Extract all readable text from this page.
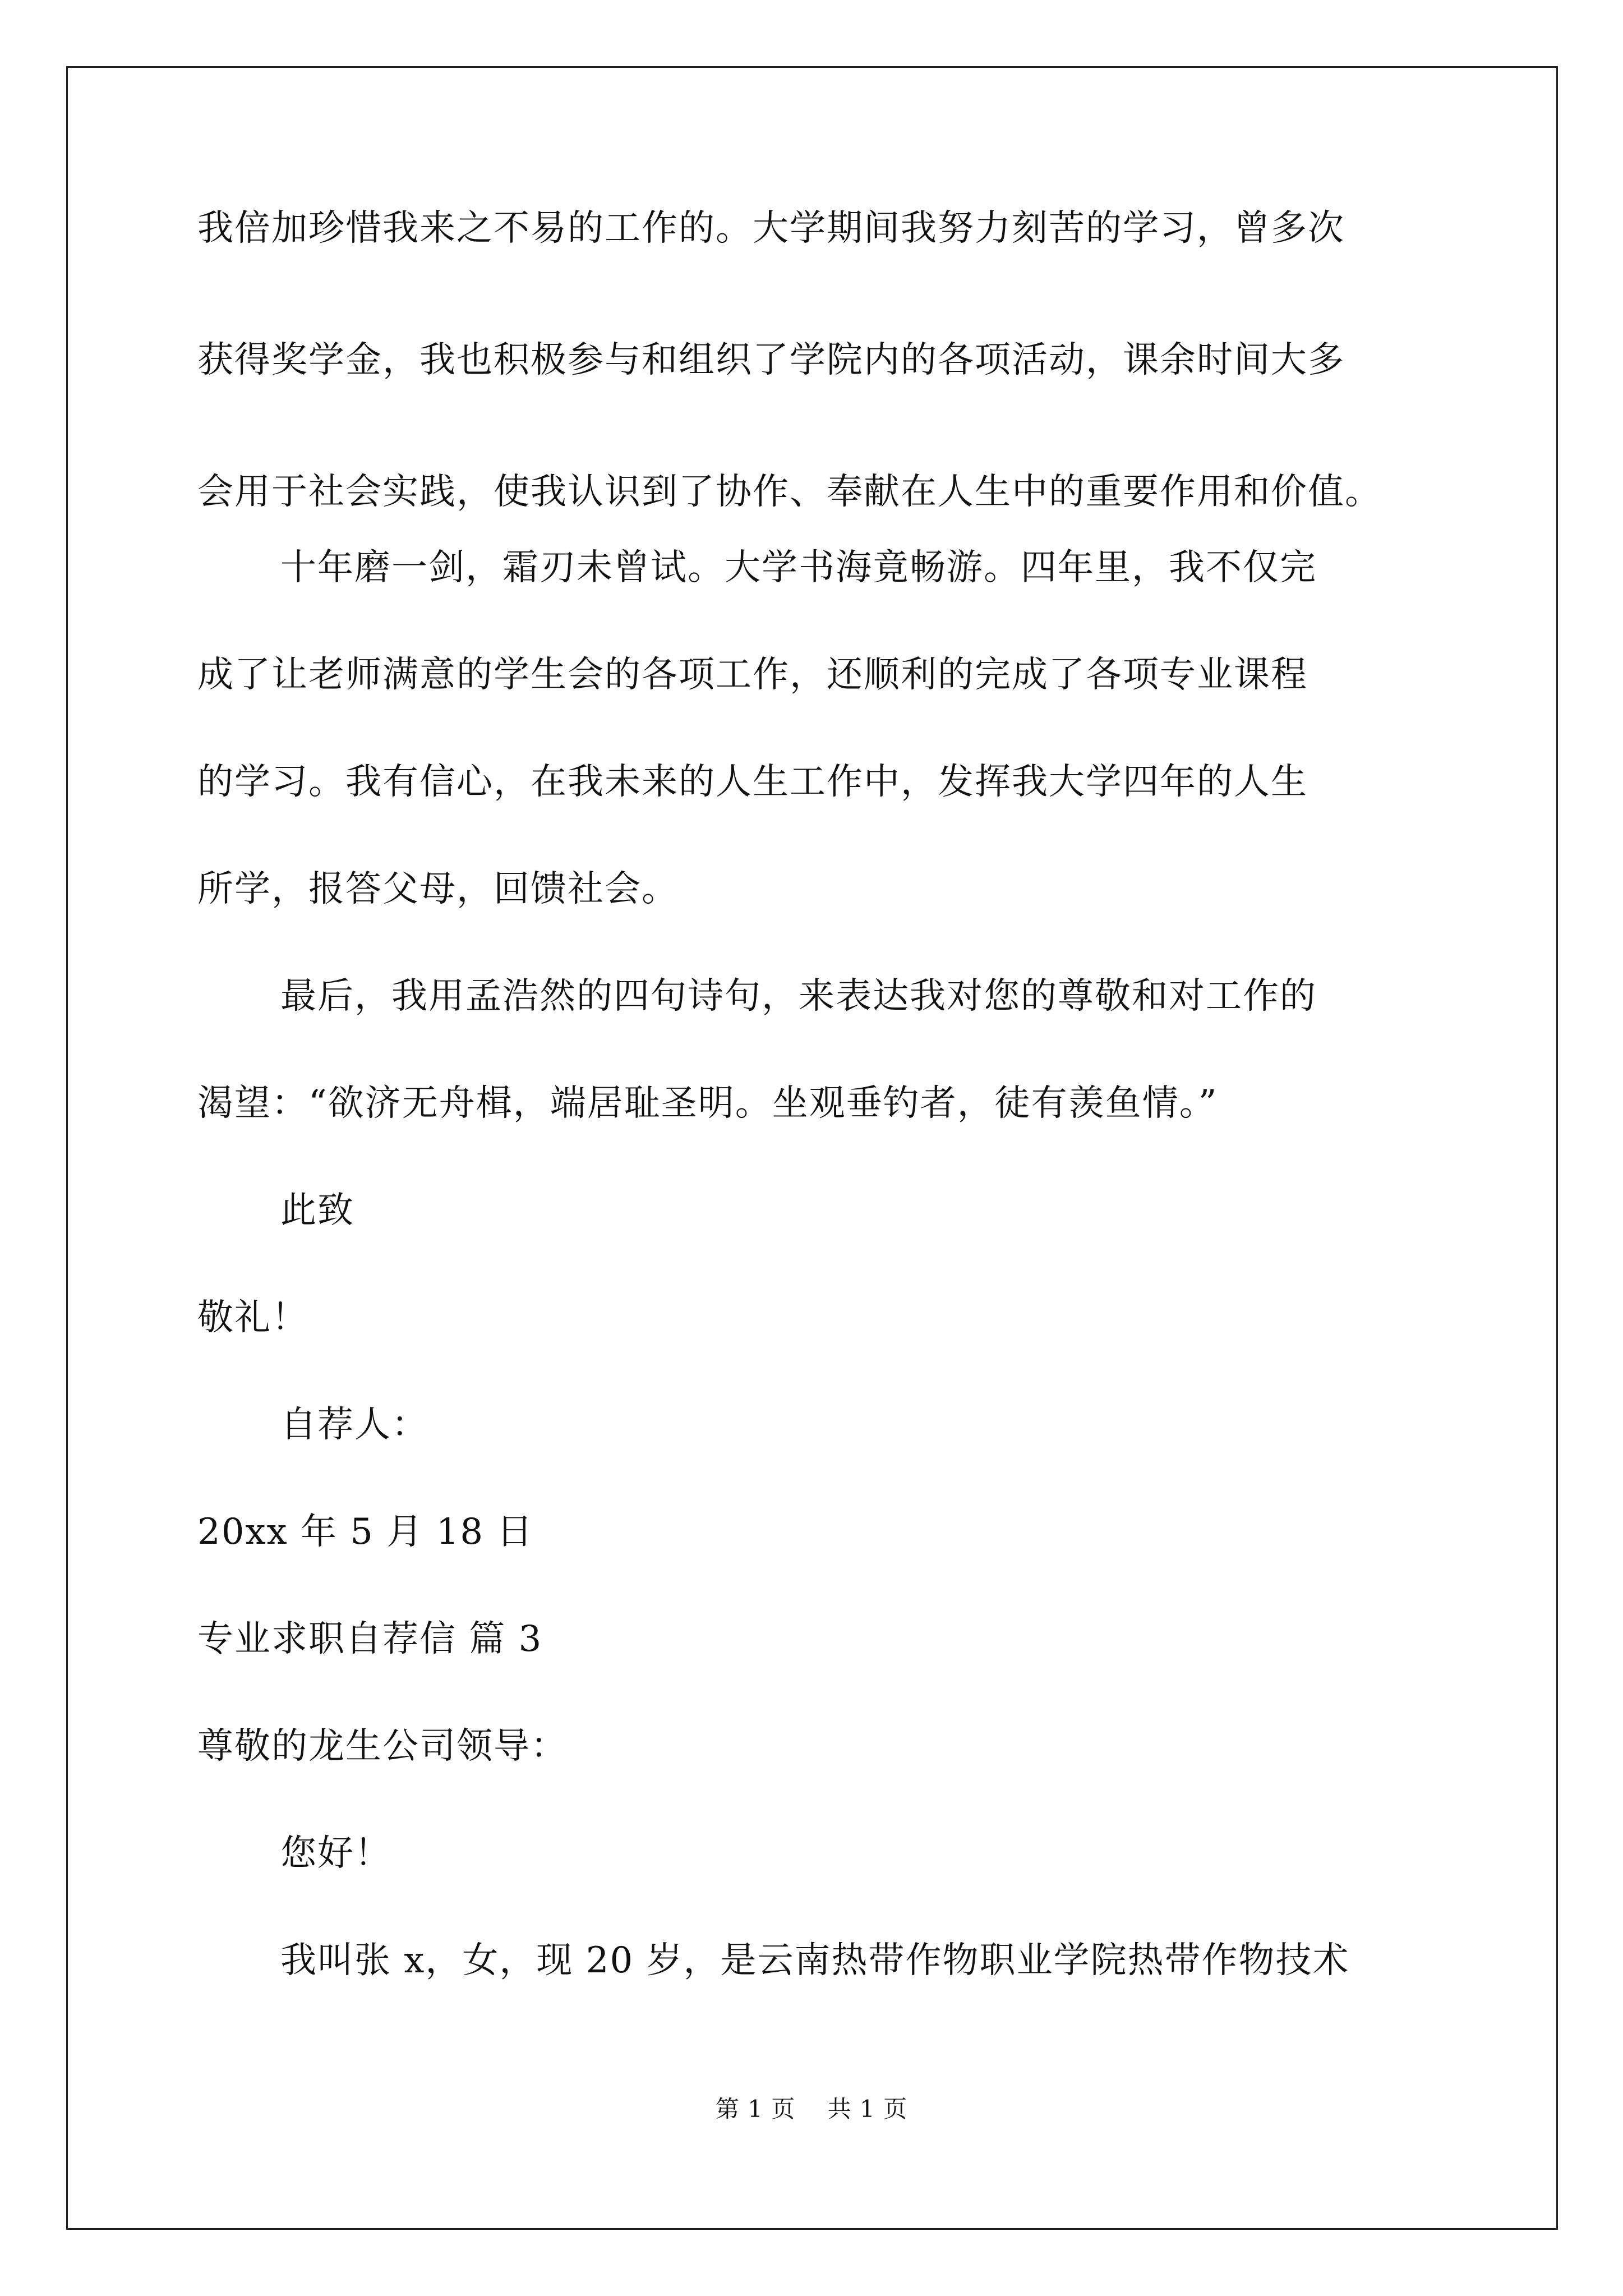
我倍加珍惜我来之不易的工作的。大学期间我努力刻苦的学习，曾多次
获得奖学金，我也积极参与和组织了学院内的各项活动，课余时间大多
会用于社会实践，使我认识到了协作、奉献在人生中的重要作用和价值。
十年磨一剑，霜刃未曾试。大学书海竟畅游。四年里，我不仅完
成了让老师满意的学生会的各项工作，还顺利的完成了各项专业课程
的学习。我有信心，在我未来的人生工作中，发挥我大学四年的人生
所学，报答父母，回馈社会。
最后，我用孟浩然的四句诗句，来表达我对您的尊敬和对工作的
渴望：“欲济无舟楫，端居耻圣明。坐观垂钓者，徒有羡鱼情。”
此致
敬礼！
自荐人：
20xx 年 5 月 18 日
专业求职自荐信 篇 3
尊敬的龙生公司领导：
您好！
我叫张 x，女，现 20 岁，是云南热带作物职业学院热带作物技术
第 1 页    共 1 页
